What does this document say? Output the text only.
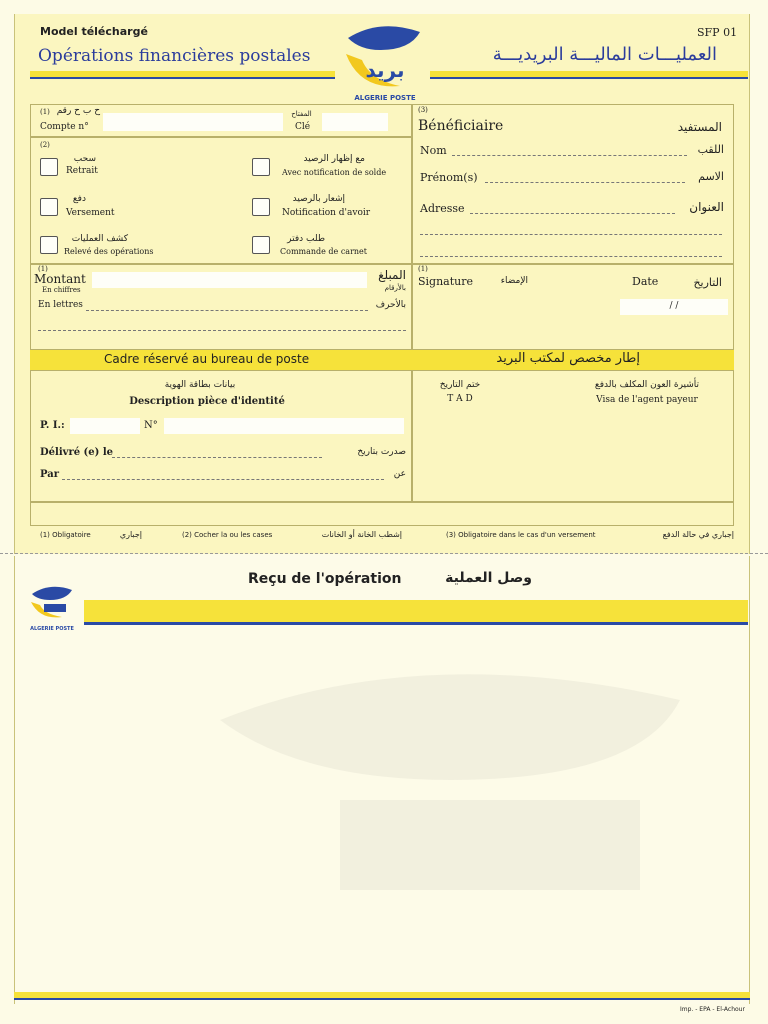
Model téléchargé
Opérations financières postales
SFP 01
العمليـــات الماليـــة البريديـــة
بريد
ALGERIE POSTE
(1) ح ب ح رقم
Compte n°
المفتاح
Clé
(2)
سحب
Retrait
مع إظهار الرصيد
Avec notification de solde
دفع
Versement
إشعار بالرصيد
Notification d'avoir
كشف العمليات
Relevé des opérations
طلب دفتر
Commande de carnet
(3)
Bénéficiaire	المستفيد
Nom	اللقب
Prénom(s)	الاسم
Adresse	العنوان
(1)
Montant
En chiffres
المبلغ
بالأرقام
En lettres	بالأحرف
(1)
Signature	الإمضاء	Date	التاريخ
/ /
Cadre réservé au bureau de poste	إطار مخصص لمكتب البريد
بيانات بطاقة الهوية
Description pièce d'identité
P. I.:	N°
Délivré (e) le	صدرت بتاريخ
Par	عن
ختم التاريخ
T A D
تأشيرة العون المكلف بالدفع
Visa de l'agent payeur
(1) Obligatoire	إجباري	(2) Cocher la ou les cases	إشطب الخانة أو الخانات	(3) Obligatoire dans le cas d'un versement	إجباري في حالة الدفع
Reçu de l'opération	وصل العملية
ALGERIE POSTE
Imp. - EPA - El-Achour
